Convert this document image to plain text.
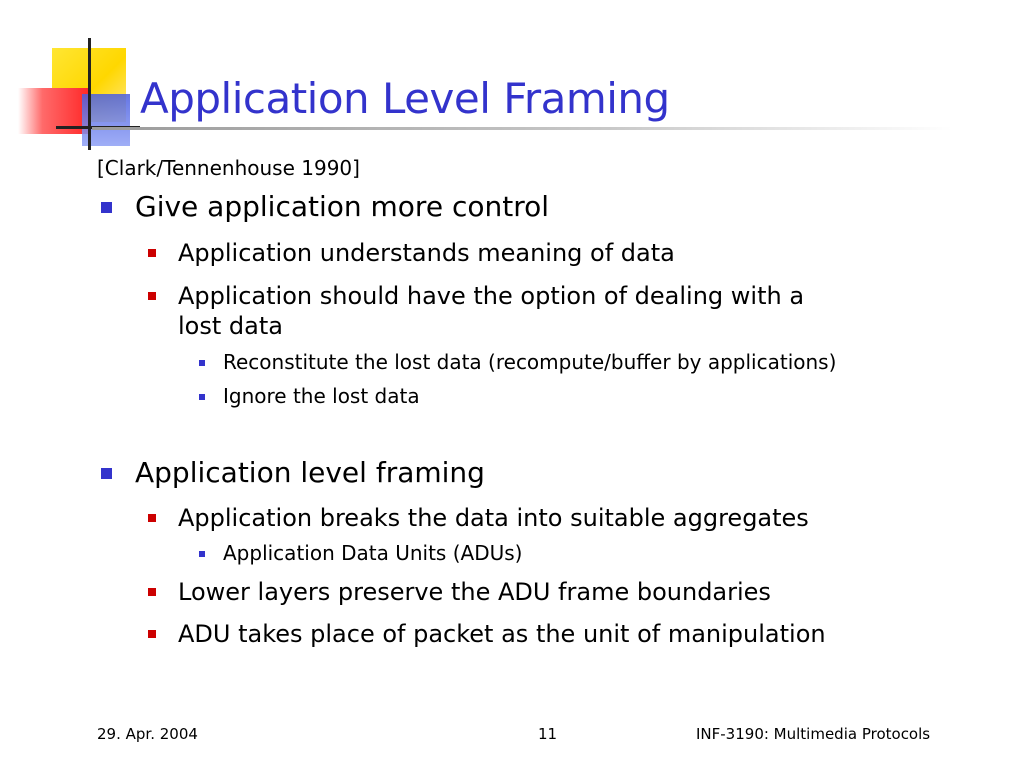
Application Level Framing
[Clark/Tennenhouse 1990]
Give application more control
Application understands meaning of data
Application should have the option of dealing with a
lost data
Reconstitute the lost data (recompute/buffer by applications)
Ignore the lost data
Application level framing
Application breaks the data into suitable aggregates
Application Data Units (ADUs)
Lower layers preserve the ADU frame boundaries
ADU takes place of packet as the unit of manipulation
29. Apr. 2004	11	INF-3190: Multimedia Protocols
